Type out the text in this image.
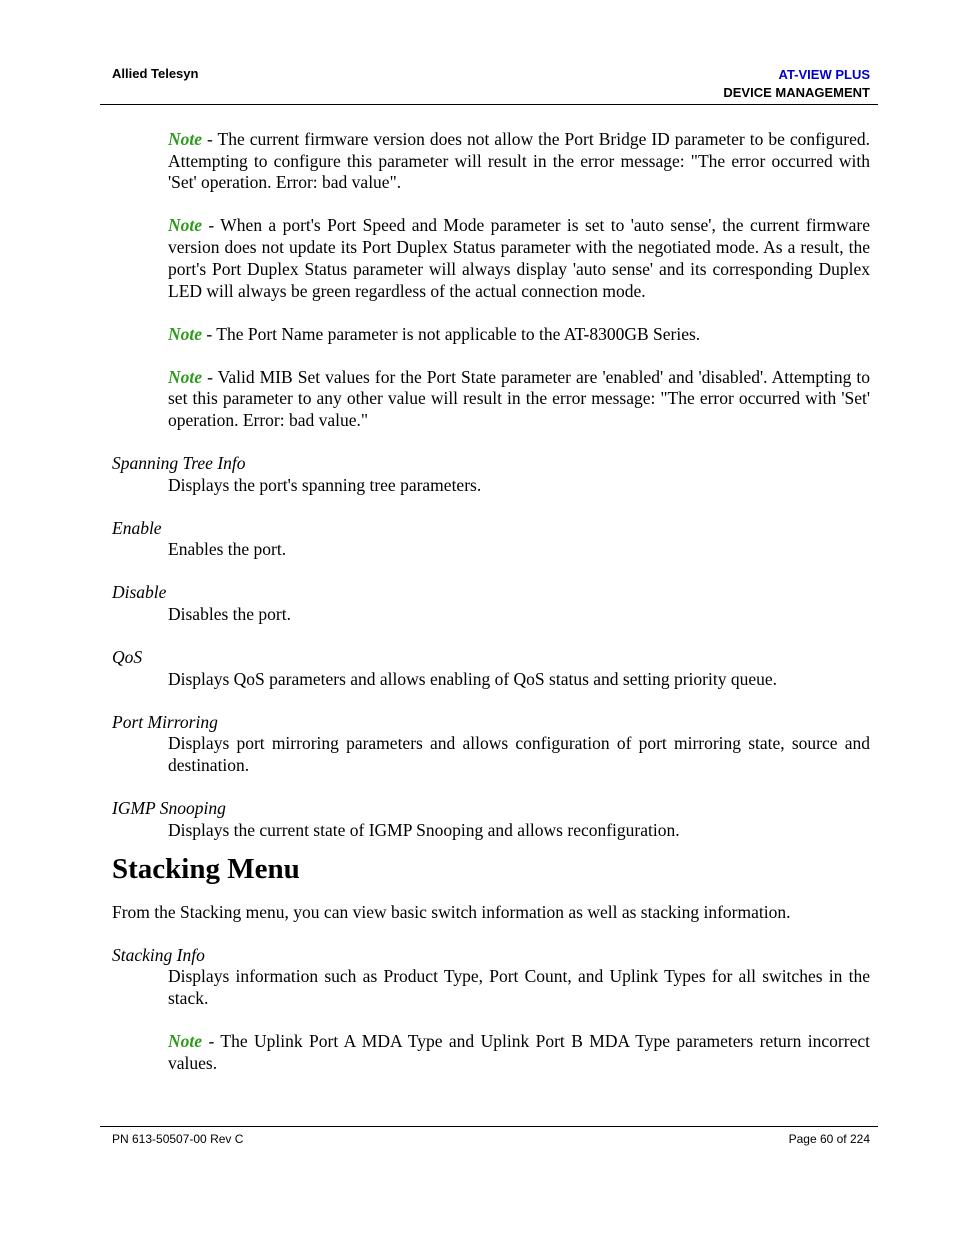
Allied Telesyn	AT-VIEW PLUS
DEVICE MANAGEMENT

Note - The current firmware version does not allow the Port Bridge ID parameter to be configured. Attempting to configure this parameter will result in the error message: "The error occurred with 'Set' operation. Error: bad value".

Note - When a port's Port Speed and Mode parameter is set to 'auto sense', the current firmware version does not update its Port Duplex Status parameter with the negotiated mode. As a result, the port's Port Duplex Status parameter will always display 'auto sense' and its corresponding Duplex LED will always be green regardless of the actual connection mode.

Note - The Port Name parameter is not applicable to the AT-8300GB Series.

Note - Valid MIB Set values for the Port State parameter are 'enabled' and 'disabled'. Attempting to set this parameter to any other value will result in the error message: "The error occurred with 'Set' operation. Error: bad value."

Spanning Tree Info

Displays the port's spanning tree parameters.

Enable

Enables the port.

Disable

Disables the port.

QoS

Displays QoS parameters and allows enabling of QoS status and setting priority queue.

Port Mirroring

Displays port mirroring parameters and allows configuration of port mirroring state, source and destination.

IGMP Snooping

Displays the current state of IGMP Snooping and allows reconfiguration.

Stacking Menu

From the Stacking menu, you can view basic switch information as well as stacking information.

Stacking Info

Displays information such as Product Type, Port Count, and Uplink Types for all switches in the stack.

Note - The Uplink Port A MDA Type and Uplink Port B MDA Type parameters return incorrect values.

PN 613-50507-00 Rev C	Page 60 of 224
